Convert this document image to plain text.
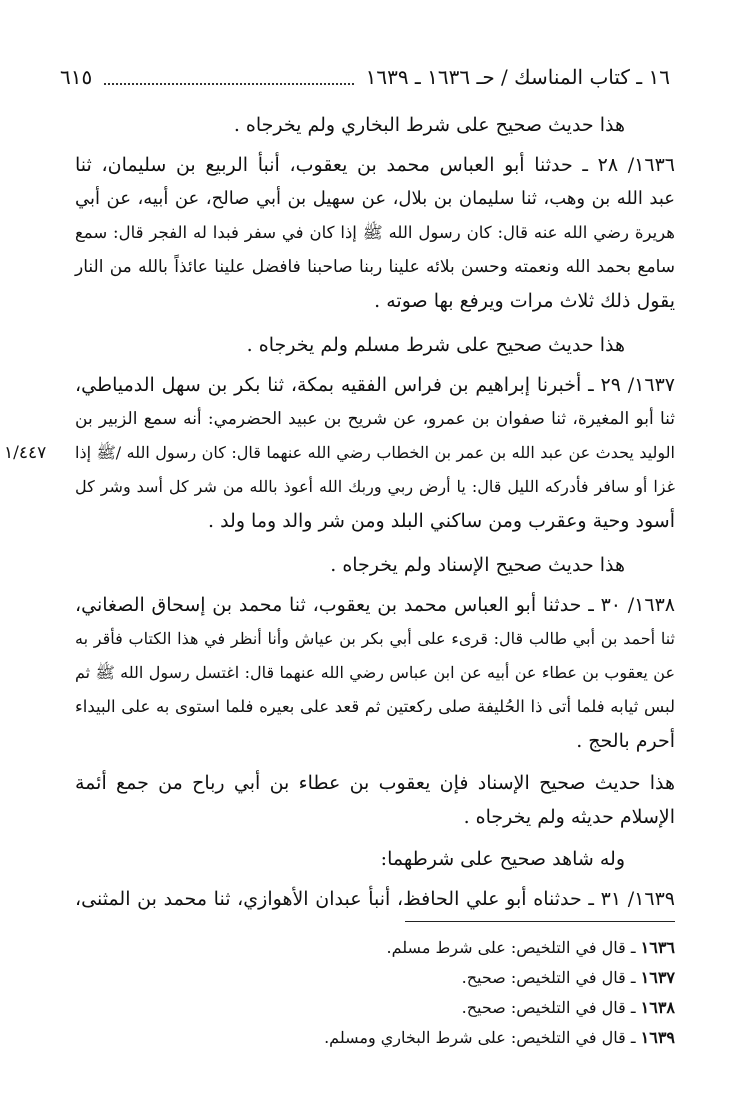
١٦ ـ كتاب المناسك / حـ ١٦٣٦ ـ ١٦٣٩
٦١٥
هذا حديث صحيح على شرط البخاري ولم يخرجاه .
١٦٣٦/ ٢٨ ـ حدثنا أبو العباس محمد بن يعقوب، أنبأ الربيع بن سليمان، ثنا
عبد الله بن وهب، ثنا سليمان بن بلال، عن سهيل بن أبي صالح، عن أبيه، عن أبي
هريرة رضي الله عنه قال: كان رسول الله ﷺ إذا كان في سفر فبدا له الفجر قال: سمع
سامع بحمد الله ونعمته وحسن بلائه علينا ربنا صاحبنا فافضل علينا عائذاً بالله من النار
يقول ذلك ثلاث مرات ويرفع بها صوته .
هذا حديث صحيح على شرط مسلم ولم يخرجاه .
١٦٣٧/ ٢٩ ـ أخبرنا إبراهيم بن فراس الفقيه بمكة، ثنا بكر بن سهل الدمياطي،
ثنا أبو المغيرة، ثنا صفوان بن عمرو، عن شريح بن عبيد الحضرمي: أنه سمع الزبير بن
الوليد يحدث عن عبد الله بن عمر بن الخطاب رضي الله عنهما قال: كان رسول الله /ﷺ إذا
غزا أو سافر فأدركه الليل قال: يا أرض ربي وربك الله أعوذ بالله من شر كل أسد وشر كل
أسود وحية وعقرب ومن ساكني البلد ومن شر والد وما ولد .
١/٤٤٧
هذا حديث صحيح الإسناد ولم يخرجاه .
١٦٣٨/ ٣٠ ـ حدثنا أبو العباس محمد بن يعقوب، ثنا محمد بن إسحاق الصغاني،
ثنا أحمد بن أبي طالب قال: قرىء على أبي بكر بن عياش وأنا أنظر في هذا الكتاب فأقر به
عن يعقوب بن عطاء عن أبيه عن ابن عباس رضي الله عنهما قال: اغتسل رسول الله ﷺ ثم
لبس ثيابه فلما أتى ذا الحُليفة صلى ركعتين ثم قعد على بعيره فلما استوى به على البيداء
أحرم بالحج .
هذا حديث صحيح الإسناد فإن يعقوب بن عطاء بن أبي رباح من جمع أئمة
الإسلام حديثه ولم يخرجاه .
وله شاهد صحيح على شرطهما:
١٦٣٩/ ٣١ ـ حدثناه أبو علي الحافظ، أنبأ عبدان الأهوازي، ثنا محمد بن المثنى،
١٦٣٦ ـ قال في التلخيص: على شرط مسلم.
١٦٣٧ ـ قال في التلخيص: صحيح.
١٦٣٨ ـ قال في التلخيص: صحيح.
١٦٣٩ ـ قال في التلخيص: على شرط البخاري ومسلم.
